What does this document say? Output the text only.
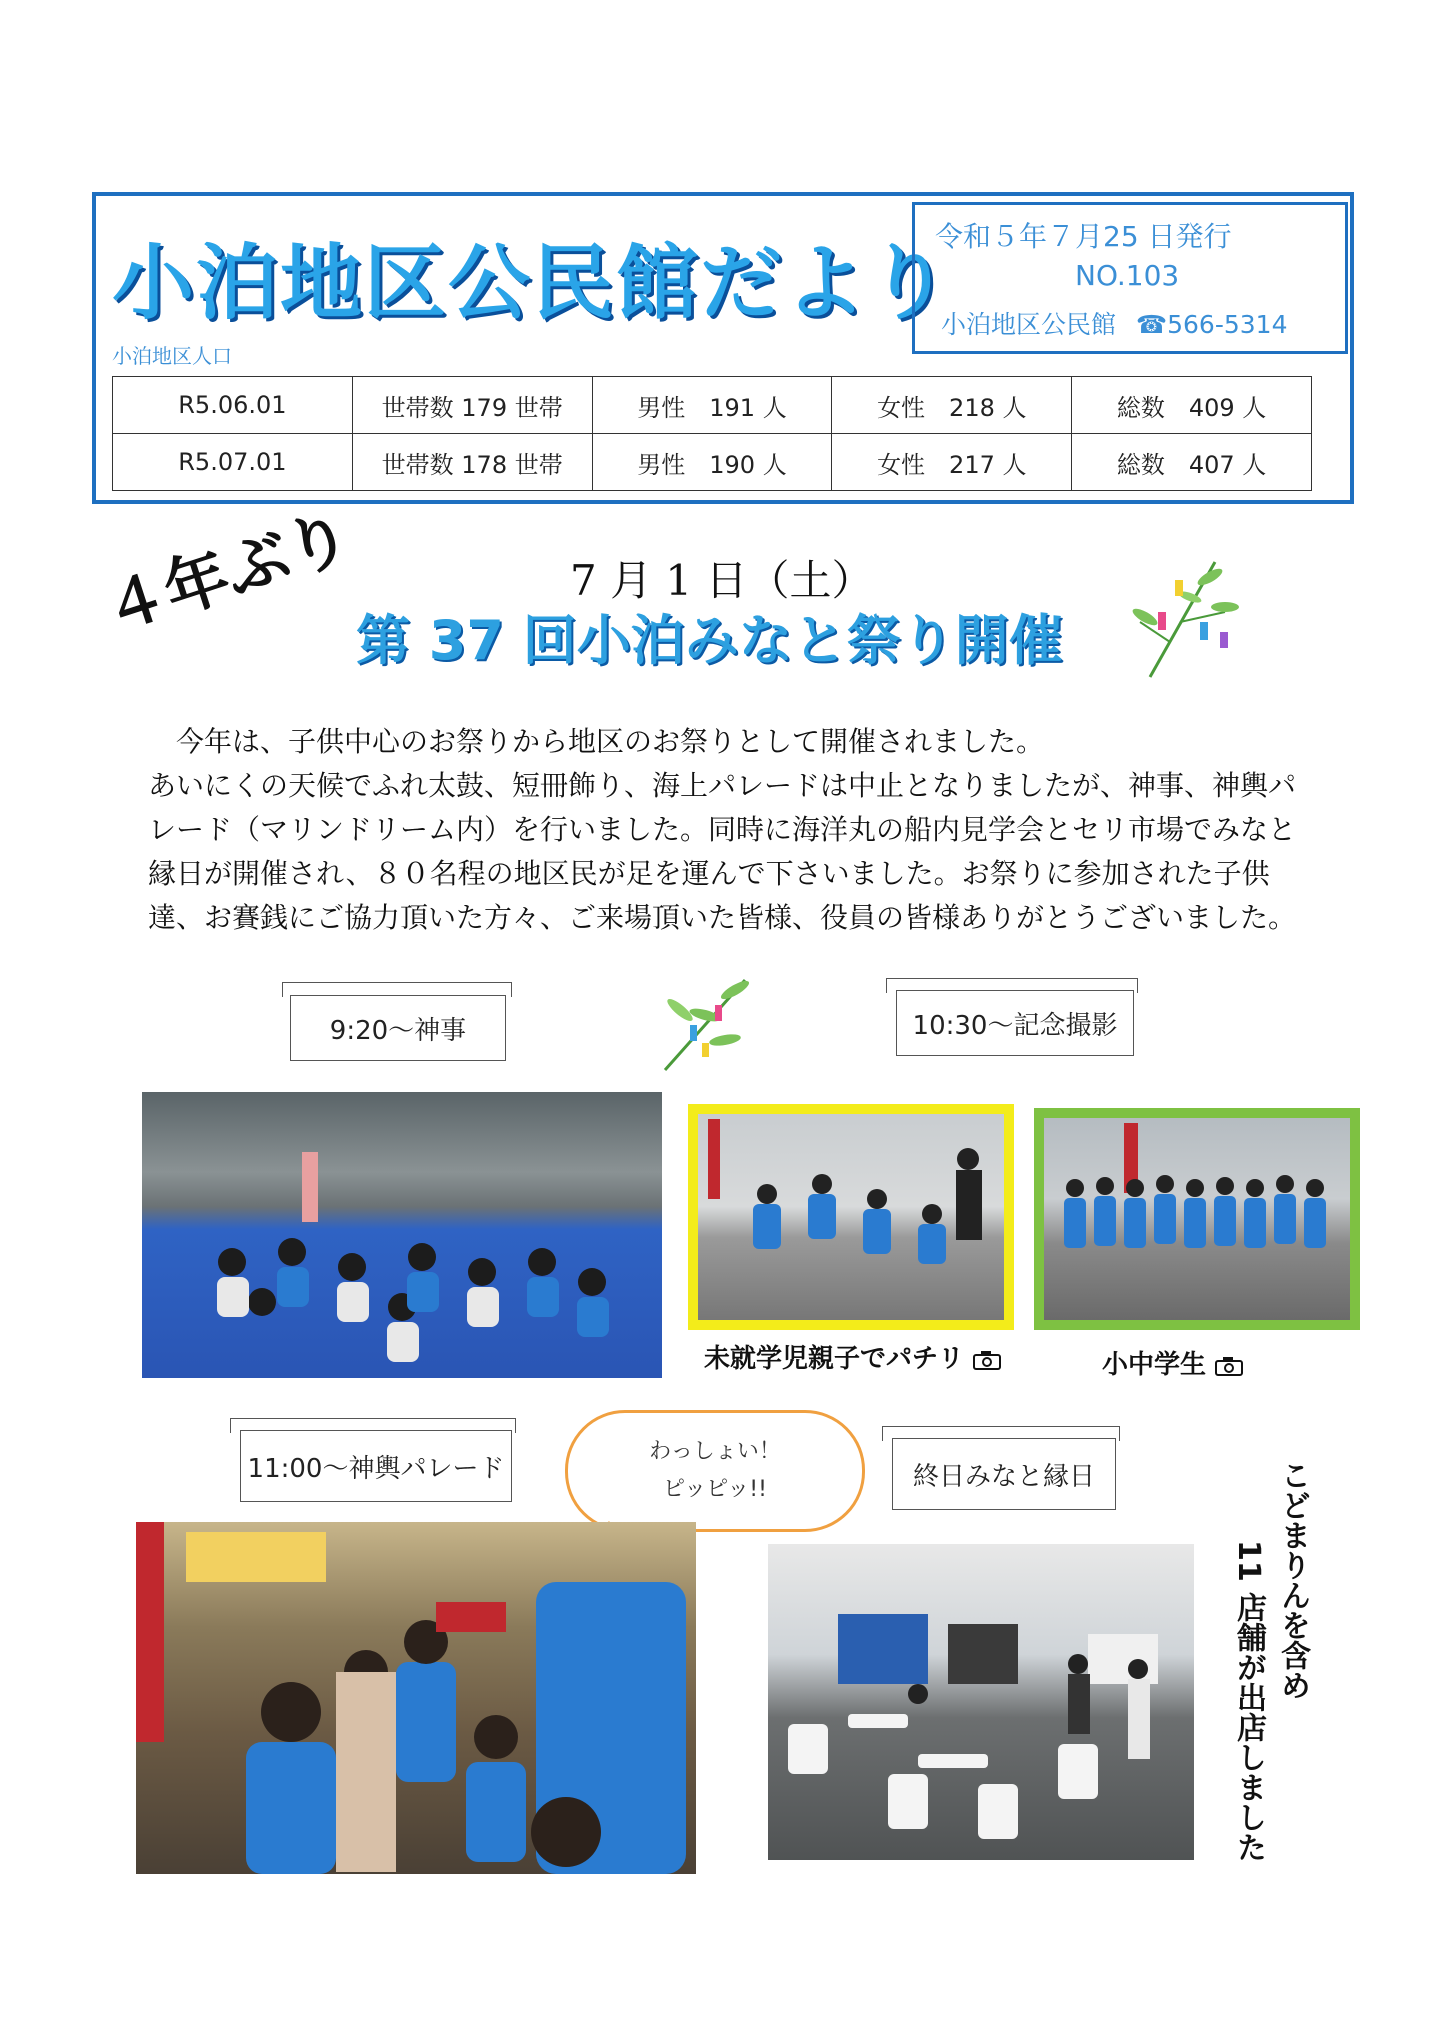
小泊地区公民館だより
令和５年７月25 日発行
NO.103
小泊地区公民館 ☎566-5314
小泊地区人口
R5.06.01	世帯数 179 世帯	男性　191 人	女性　218 人	総数　409 人
R5.07.01	世帯数 178 世帯	男性　190 人	女性　217 人	総数　407 人
４年ぶり	7 月 1 日（土）
第 37 回小泊みなと祭り開催

　今年は、子供中心のお祭りから地区のお祭りとして開催されました。

あいにくの天候でふれ太鼓、短冊飾り、海上パレードは中止となりましたが、神事、神輿パ

レード（マリンドリーム内）を行いました。同時に海洋丸の船内見学会とセリ市場でみなと

縁日が開催され、８０名程の地区民が足を運んで下さいました。お祭りに参加された子供

達、お賽銭にご協力頂いた方々、ご来場頂いた皆様、役員の皆様ありがとうございました。

9:20～神事	10:30～記念撮影
未就学児親子でパチリ	小中学生
11:00～神輿パレード
わっしょい！
ピッピッ!!	終日みなと縁日	こどまりんを含め
11 店舗が出店しました
